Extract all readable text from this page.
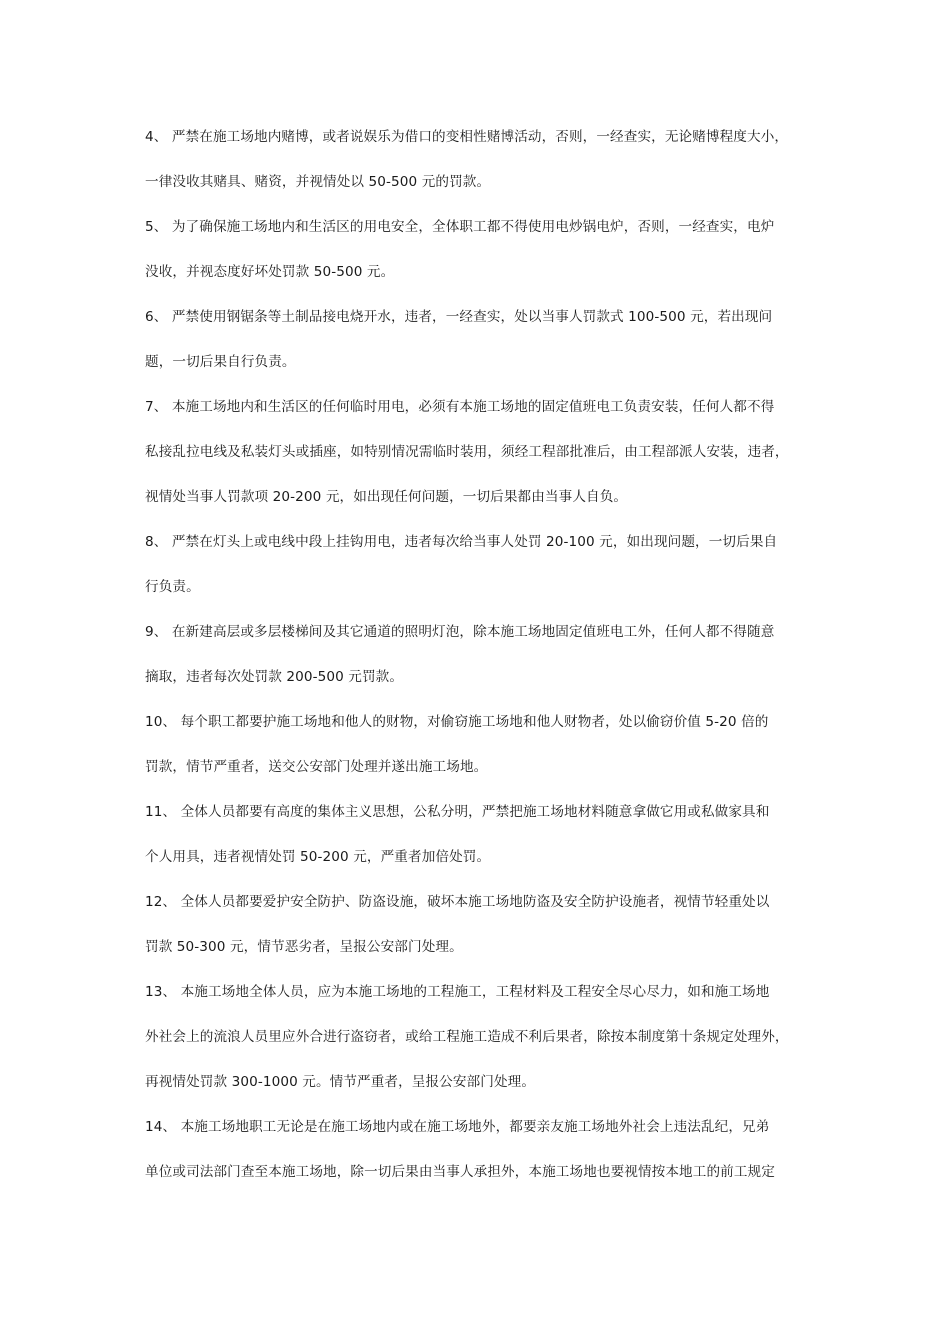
4、 严禁在施工场地内赌博，或者说娱乐为借口的变相性赌博活动，否则，一经查实，无论赌博程度大小，
一律没收其赌具、赌资，并视情处以 50-500 元的罚款。
5、 为了确保施工场地内和生活区的用电安全，全体职工都不得使用电炒锅电炉，否则，一经查实，电炉
没收，并视态度好坏处罚款 50-500 元。
6、 严禁使用钢锯条等土制品接电烧开水，违者，一经查实，处以当事人罚款式 100-500 元，若出现问
题，一切后果自行负责。
7、 本施工场地内和生活区的任何临时用电，必须有本施工场地的固定值班电工负责安装，任何人都不得
私接乱拉电线及私装灯头或插座，如特别情况需临时装用，须经工程部批准后，由工程部派人安装，违者，
视情处当事人罚款项 20-200 元，如出现任何问题，一切后果都由当事人自负。
8、 严禁在灯头上或电线中段上挂钩用电，违者每次给当事人处罚 20-100 元，如出现问题，一切后果自
行负责。
9、 在新建高层或多层楼梯间及其它通道的照明灯泡，除本施工场地固定值班电工外，任何人都不得随意
摘取，违者每次处罚款 200-500 元罚款。
10、 每个职工都要护施工场地和他人的财物，对偷窃施工场地和他人财物者，处以偷窃价值 5-20 倍的
罚款，情节严重者，送交公安部门处理并遂出施工场地。
11、 全体人员都要有高度的集体主义思想，公私分明，严禁把施工场地材料随意拿做它用或私做家具和
个人用具，违者视情处罚 50-200 元，严重者加倍处罚。
12、 全体人员都要爱护安全防护、防盗设施，破坏本施工场地防盗及安全防护设施者，视情节轻重处以
罚款 50-300 元，情节恶劣者，呈报公安部门处理。
13、 本施工场地全体人员，应为本施工场地的工程施工，工程材料及工程安全尽心尽力，如和施工场地
外社会上的流浪人员里应外合进行盗窃者，或给工程施工造成不利后果者，除按本制度第十条规定处理外，
再视情处罚款 300-1000 元。情节严重者，呈报公安部门处理。
14、 本施工场地职工无论是在施工场地内或在施工场地外，都要亲友施工场地外社会上违法乱纪，兄弟
单位或司法部门查至本施工场地，除一切后果由当事人承担外，本施工场地也要视情按本地工的前工规定
